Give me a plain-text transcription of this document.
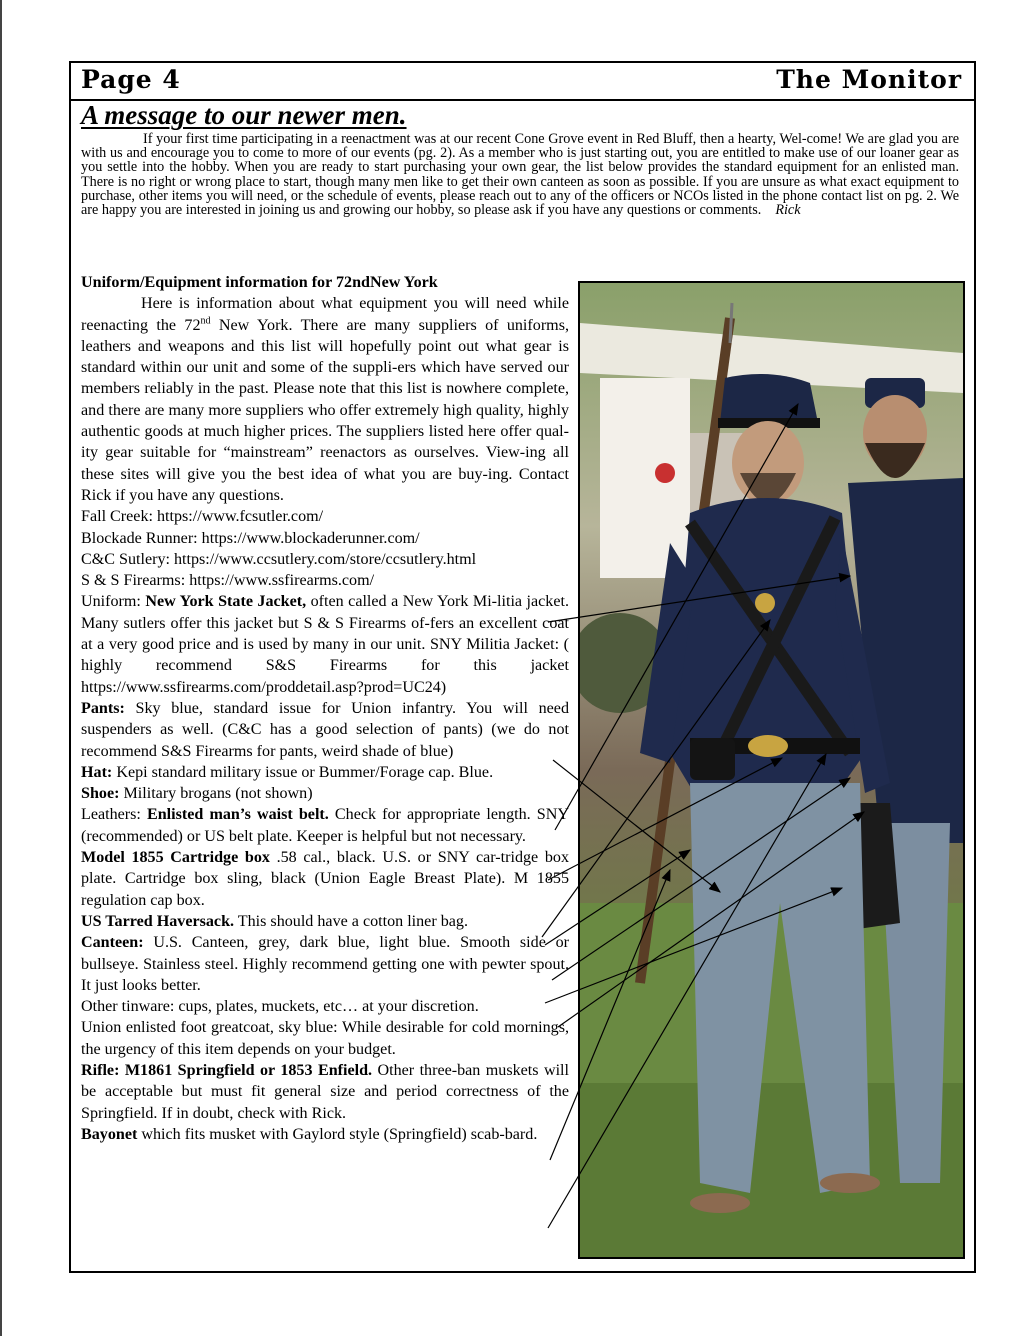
Page 4	The Monitor
A message to our newer men.
If your first time participating in a reenactment was at our recent Cone Grove event in Red Bluff, then a hearty, Wel-come! We are glad you are with us and encourage you to come to more of our events (pg. 2). As a member who is just starting out, you are entitled to make use of our loaner gear as you settle into the hobby. When you are ready to start purchasing your own gear, the list below provides the standard equipment for an enlisted man. There is no right or wrong place to start, though many men like to get their own canteen as soon as possible. If you are unsure as what exact equipment to purchase, other items you will need, or the schedule of events, please reach out to any of the officers or NCOs listed in the phone contact list on pg. 2. We are happy you are interested in joining us and growing our hobby, so please ask if you have any questions or comments. Rick

Uniform/Equipment information for 72ndNew York

Here is information about what equipment you will need while reenacting the 72nd New York. There are many suppliers of uniforms, leathers and weapons and this list will hopefully point out what gear is standard within our unit and some of the suppli-ers which have served our members reliably in the past. Please note that this list is nowhere complete, and there are many more suppliers who offer extremely high quality, highly authentic goods at much higher prices. The suppliers listed here offer qual-ity gear suitable for “mainstream” reenactors as ourselves. View-ing all these sites will give you the best idea of what you are buy-ing. Contact Rick if you have any questions.

Fall Creek: https://www.fcsutler.com/

Blockade Runner: https://www.blockaderunner.com/

C&C Sutlery: https://www.ccsutlery.com/store/ccsutlery.html

S & S Firearms: https://www.ssfirearms.com/

Uniform: New York State Jacket, often called a New York Mi-litia jacket. Many sutlers offer this jacket but S & S Firearms of-fers an excellent coat at a very good price and is used by many in our unit. SNY Militia Jacket: ( highly recommend S&S Firearms for this jacket https://www.ssfirearms.com/proddetail.asp?prod=UC24)

Pants: Sky blue, standard issue for Union infantry. You will need suspenders as well. (C&C has a good selection of pants) (we do not recommend S&S Firearms for pants, weird shade of blue)

Hat: Kepi standard military issue or Bummer/Forage cap. Blue.

Shoe: Military brogans (not shown)

Leathers: Enlisted man’s waist belt. Check for appropriate length. SNY (recommended) or US belt plate. Keeper is helpful but not necessary.

Model 1855 Cartridge box .58 cal., black. U.S. or SNY car-tridge box plate. Cartridge box sling, black (Union Eagle Breast Plate). M 1855 regulation cap box.

US Tarred Haversack. This should have a cotton liner bag.

Canteen: U.S. Canteen, grey, dark blue, light blue. Smooth side or bullseye. Stainless steel. Highly recommend getting one with pewter spout. It just looks better.

Other tinware: cups, plates, muckets, etc… at your discretion.

Union enlisted foot greatcoat, sky blue: While desirable for cold mornings, the urgency of this item depends on your budget.

Rifle: M1861 Springfield or 1853 Enfield. Other three-ban muskets will be acceptable but must fit general size and period correctness of the Springfield. If in doubt, check with Rick.

Bayonet which fits musket with Gaylord style (Springfield) scab-bard.
